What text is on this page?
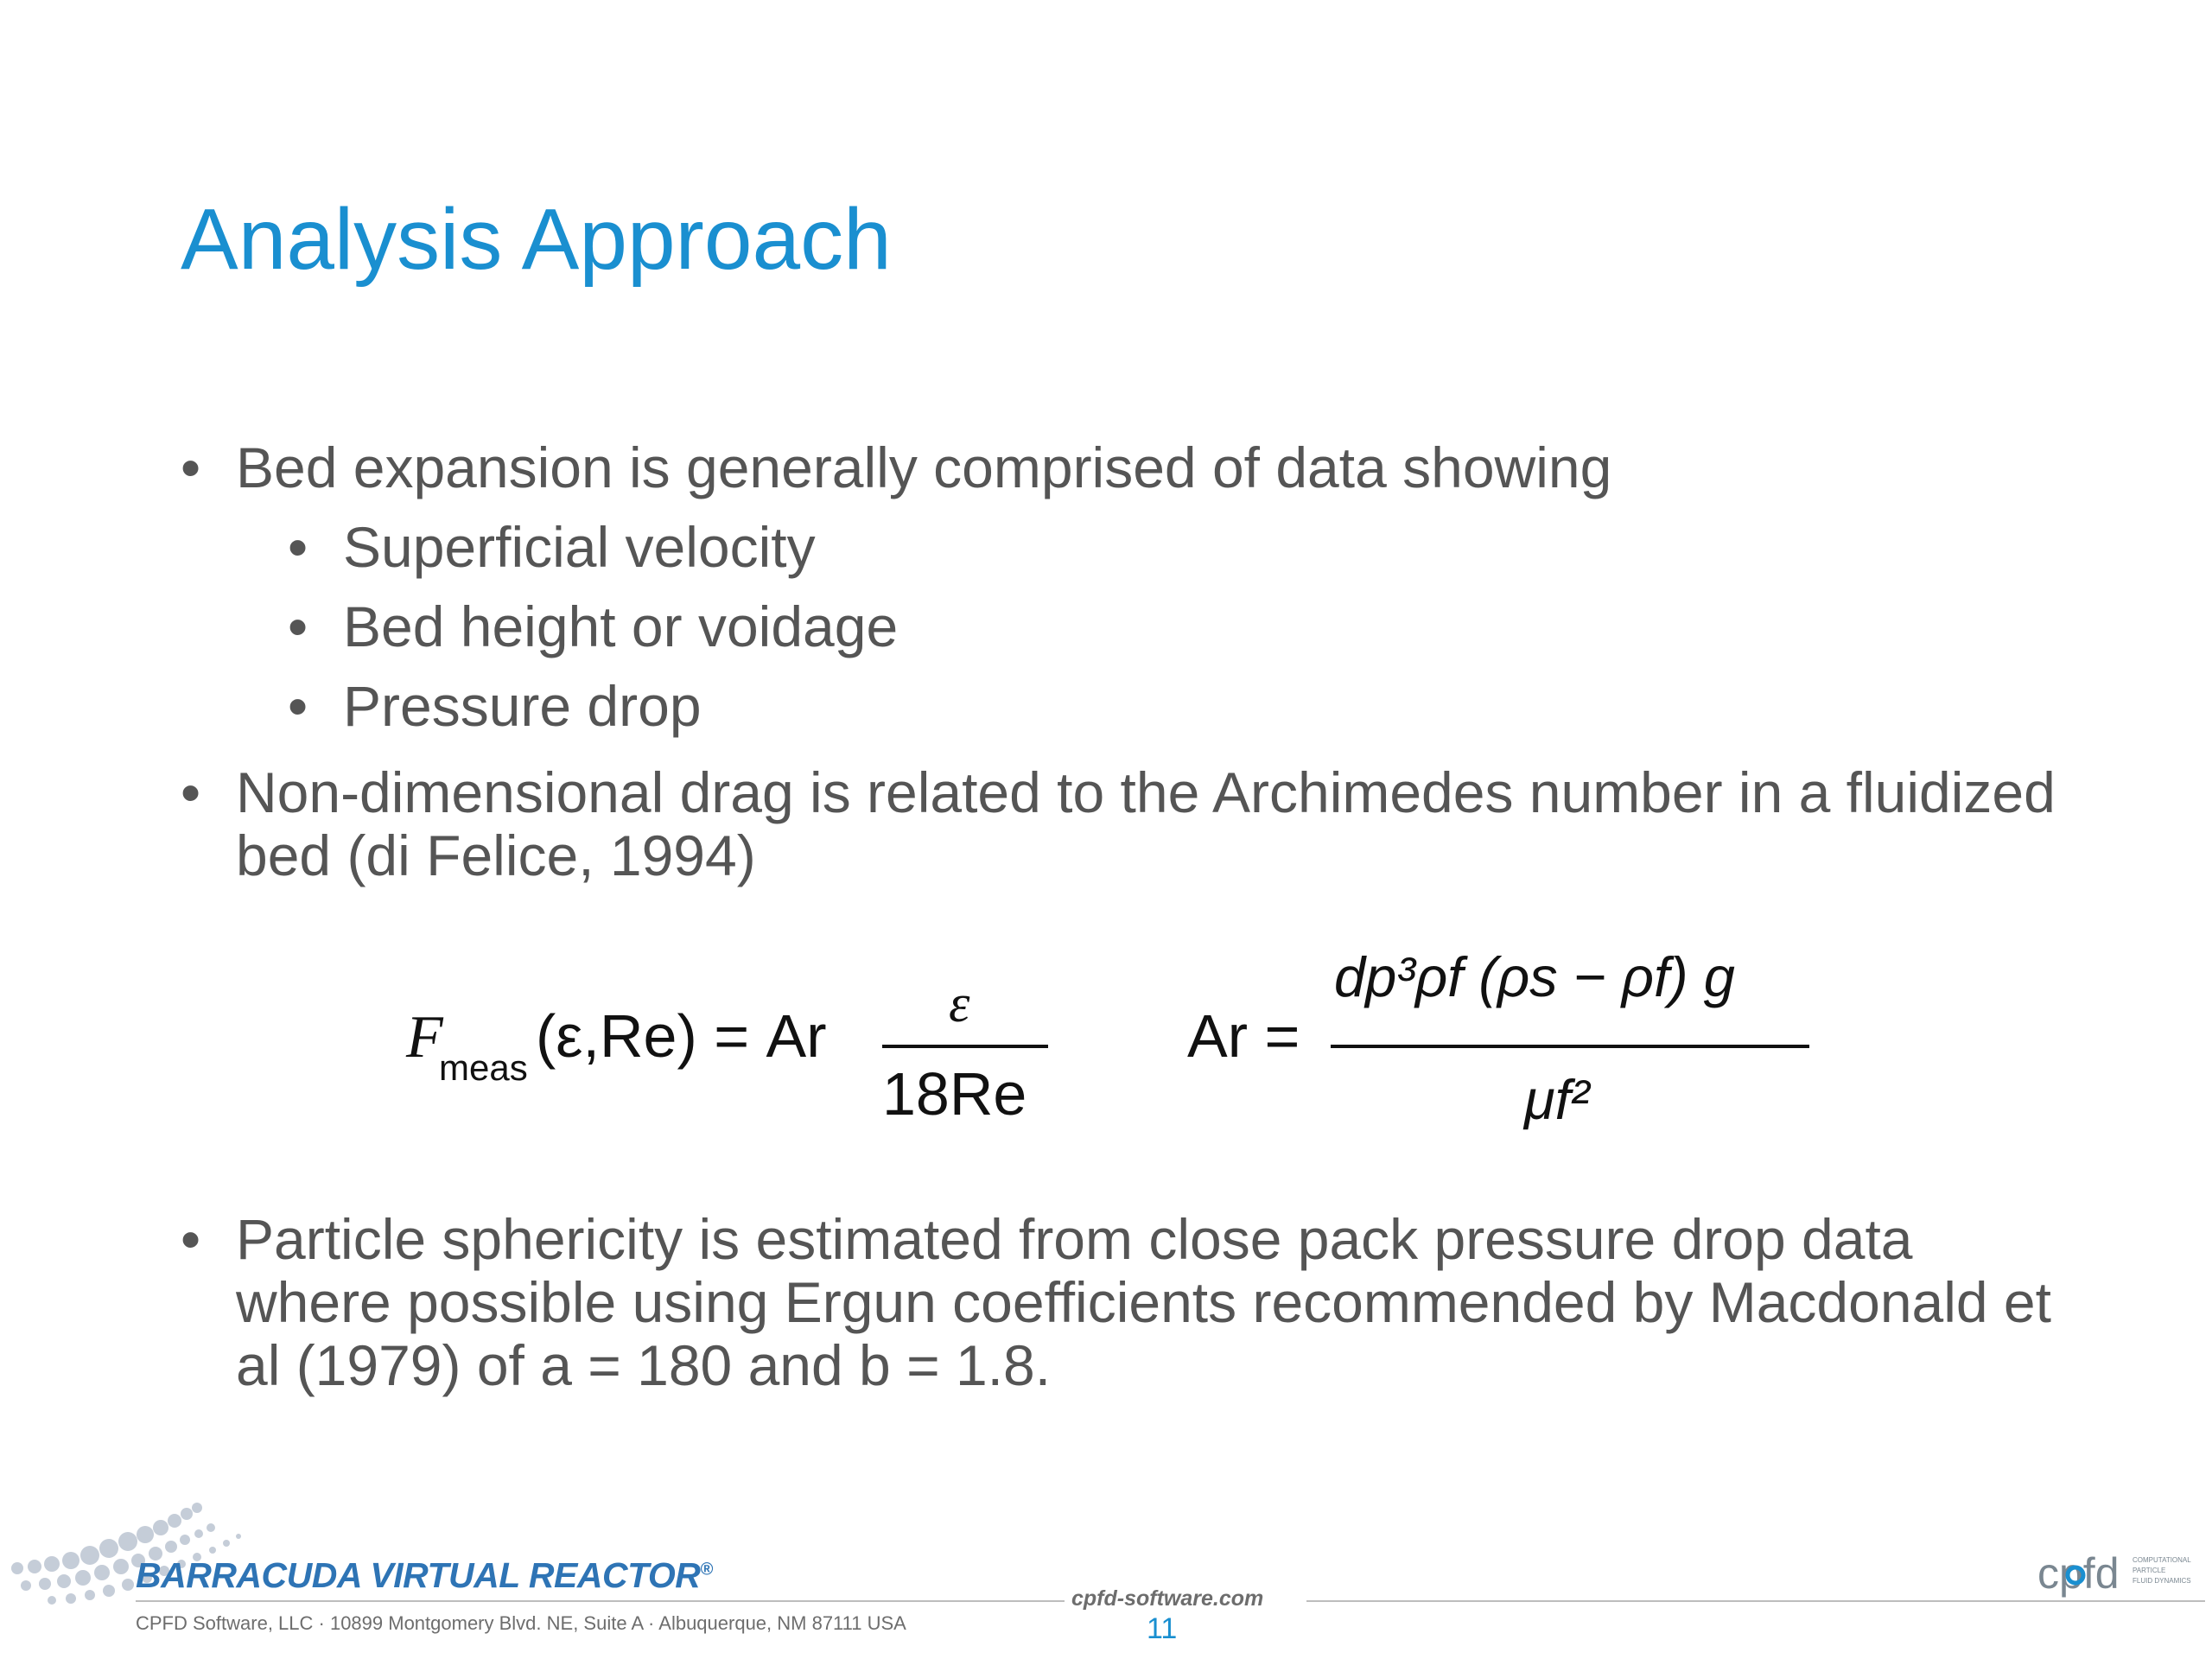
Analysis Approach
• Bed expansion is generally comprised of data showing
• Superficial velocity
• Bed height or voidage
• Pressure drop
• Non-dimensional drag is related to the Archimedes number in a fluidized bed (di Felice, 1994)
F
meas (ε,Re) = Ar ε
18Re
Ar =
dp³ρf (ρs − ρf) g
μf²
• Particle sphericity is estimated from close pack pressure drop data where possible using Ergun coefficients recommended by Macdonald et al (1979) of a = 180 and b = 1.8.
BARRACUDA VIRTUAL REACTOR®
cpfd-software.com
CPFD Software, LLC · 10899 Montgomery Blvd. NE, Suite A · Albuquerque, NM 87111 USA	11
cpfd COMPUTATIONAL
PARTICLE
FLUID DYNAMICS
